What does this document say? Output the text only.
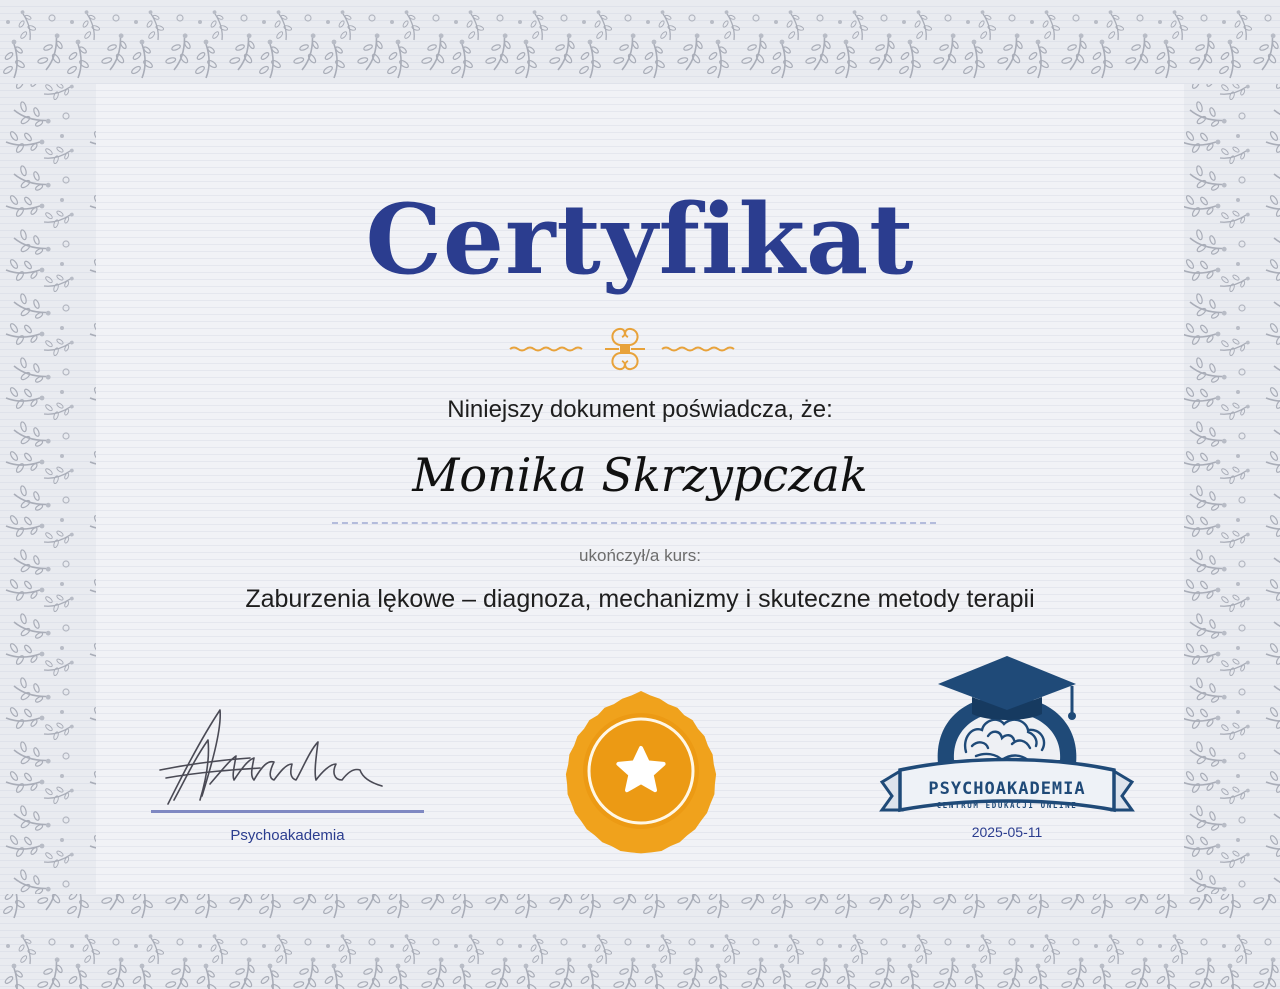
Certyfikat
Niniejszy dokument poświadcza, że:
Monika Skrzypczak
ukończył/a kurs:
Zaburzenia lękowe – diagnoza, mechanizmy i skuteczne metody terapii
Psychoakademia
PSYCHOAKADEMIA
CENTRUM EDUKACJI ONLINE
2025-05-11
